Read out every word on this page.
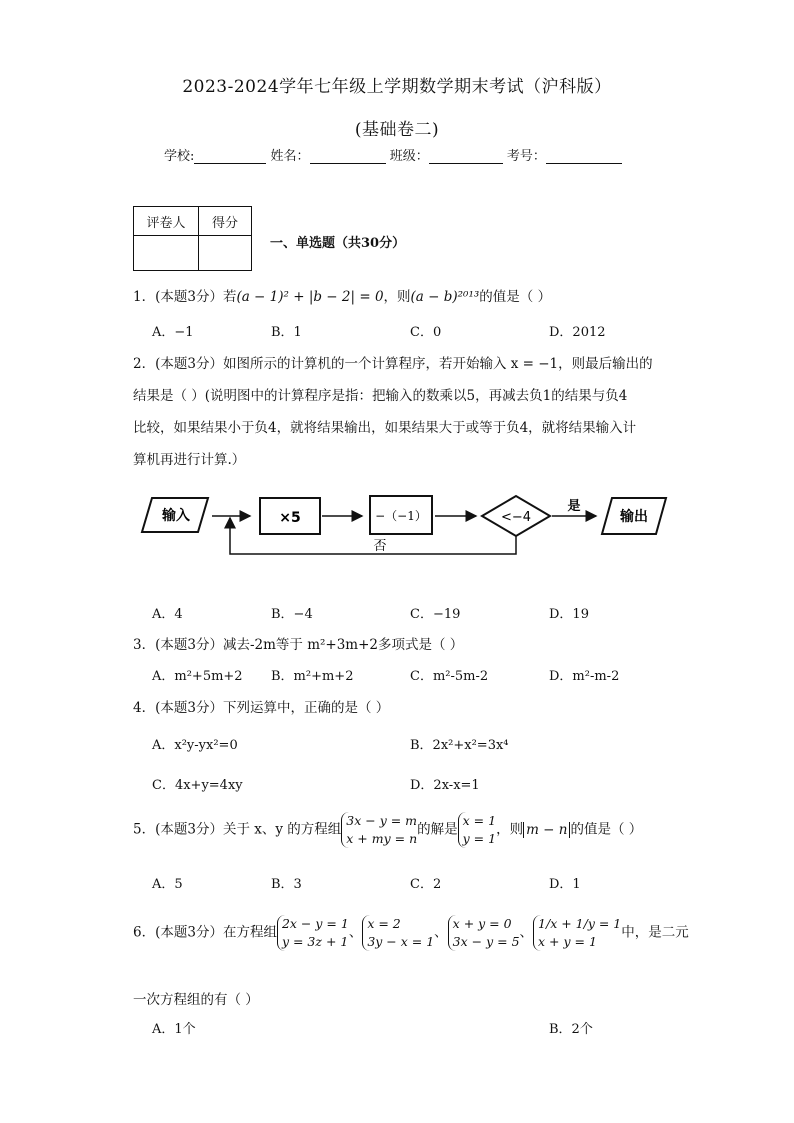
2023-2024学年七年级上学期数学期末考试（沪科版）
(基础卷二)
学校:	姓名：	班级：	考号：
评卷人	得分

一、单选题（共30分）
1．(本题3分）若(a − 1)² + |b − 2| = 0，则(a − b)²⁰¹³的值是（ ）
A．−1	B．1	C．0	D．2012
2．(本题3分）如图所示的计算机的一个计算程序，若开始输入 x = −1，则最后输出的
结果是（ ）(说明图中的计算程序是指：把输入的数乘以5，再减去负1的结果与负4
比较，如果结果小于负4，就将结果输出，如果结果大于或等于负4，就将结果输入计
算机再进行计算.）
输入	×5	−（−1）	<−4
是
输出
否
A．4	B．−4	C．−19	D．19
3．(本题3分）减去-2m等于 m²+3m+2多项式是（ ）
A．m²+5m+2 B．m²+m+2	C．m²-5m-2	D．m²-m-2
4．(本题3分）下列运算中，正确的是（ ）
A．x²y-yx²=0	B．2x²+x²=3x⁴
C．4x+y=4xy	D．2x-x=1
5．(本题3分）关于 x、y 的方程组3x − y = m
x + my = n的解是x = 1
y = 1，则 m − n 的值是（ ）
A．5	B．3	C．2	D．1
6．(本题3分）在方程组2x − y = 1
y = 3z + 1、x = 2
3y − x = 1、x + y = 0
3x − y = 5、1/x + 1/y = 1
x + y = 1中，是二元
一次方程组的有（ ）
A．1个	B．2个
